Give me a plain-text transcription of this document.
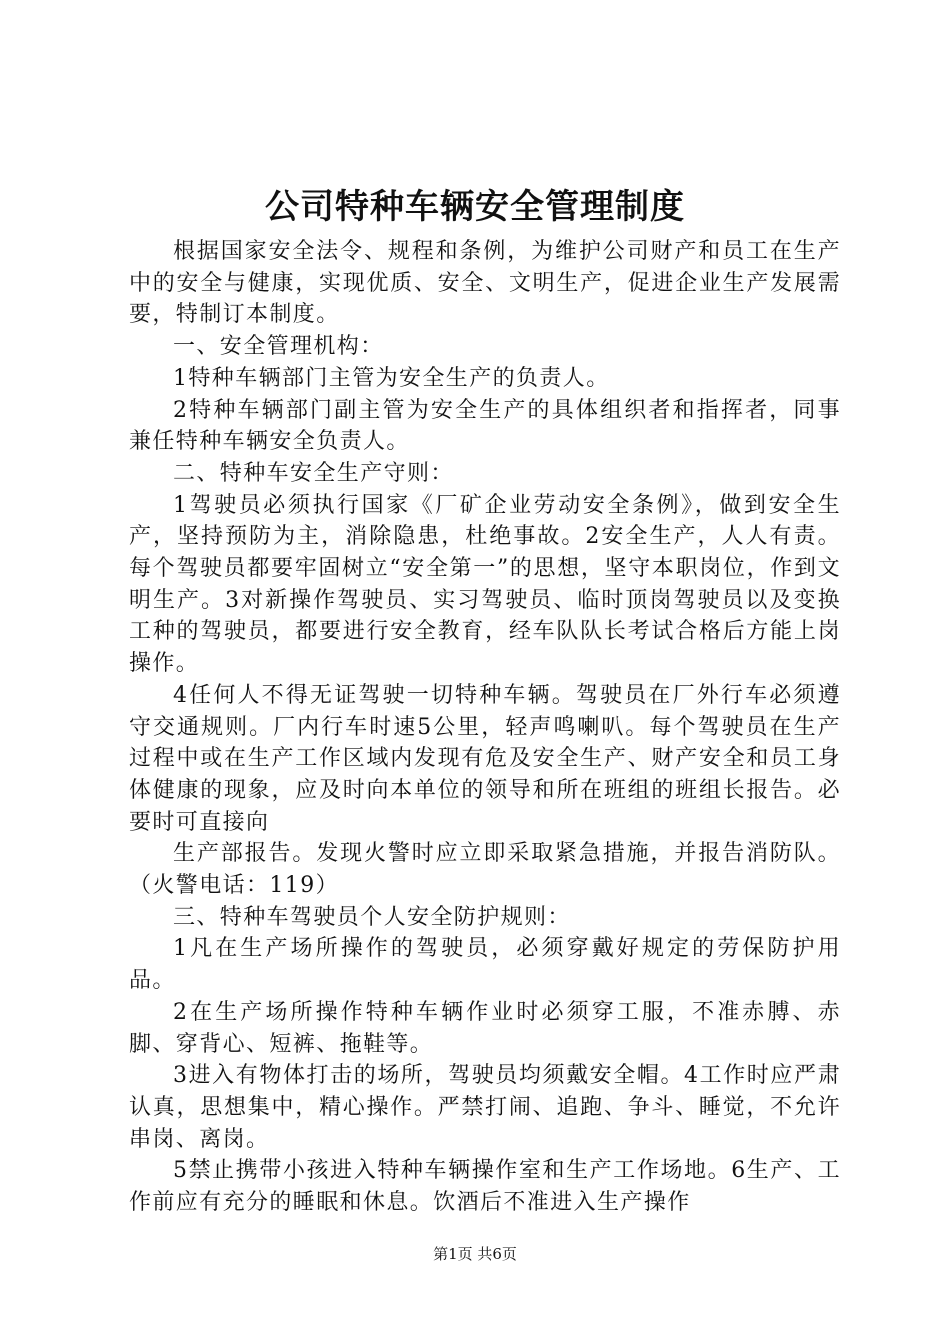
公司特种车辆安全管理制度

根据国家安全法令、规程和条例，为维护公司财产和员工在生产中的安全与健康，实现优质、安全、文明生产，促进企业生产发展需要，特制订本制度。

一、安全管理机构：

1特种车辆部门主管为安全生产的负责人。

2特种车辆部门副主管为安全生产的具体组织者和指挥者，同事兼任特种车辆安全负责人。

二、特种车安全生产守则：

1驾驶员必须执行国家《厂矿企业劳动安全条例》，做到安全生产，坚持预防为主，消除隐患，杜绝事故。2安全生产，人人有责。每个驾驶员都要牢固树立“安全第一”的思想，坚守本职岗位，作到文明生产。3对新操作驾驶员、实习驾驶员、临时顶岗驾驶员以及变换工种的驾驶员，都要进行安全教育，经车队队长考试合格后方能上岗操作。

4任何人不得无证驾驶一切特种车辆。驾驶员在厂外行车必须遵守交通规则。厂内行车时速5公里，轻声鸣喇叭。每个驾驶员在生产过程中或在生产工作区域内发现有危及安全生产、财产安全和员工身体健康的现象，应及时向本单位的领导和所在班组的班组长报告。必要时可直接向

生产部报告。发现火警时应立即采取紧急措施，并报告消防队。（火警电话：119）

三、特种车驾驶员个人安全防护规则：

1凡在生产场所操作的驾驶员，必须穿戴好规定的劳保防护用品。

2在生产场所操作特种车辆作业时必须穿工服，不准赤膊、赤脚、穿背心、短裤、拖鞋等。

3进入有物体打击的场所，驾驶员均须戴安全帽。4工作时应严肃认真，思想集中，精心操作。严禁打闹、追跑、争斗、睡觉，不允许串岗、离岗。

5禁止携带小孩进入特种车辆操作室和生产工作场地。6生产、工作前应有充分的睡眠和休息。饮酒后不准进入生产操作

第1页 共6页
